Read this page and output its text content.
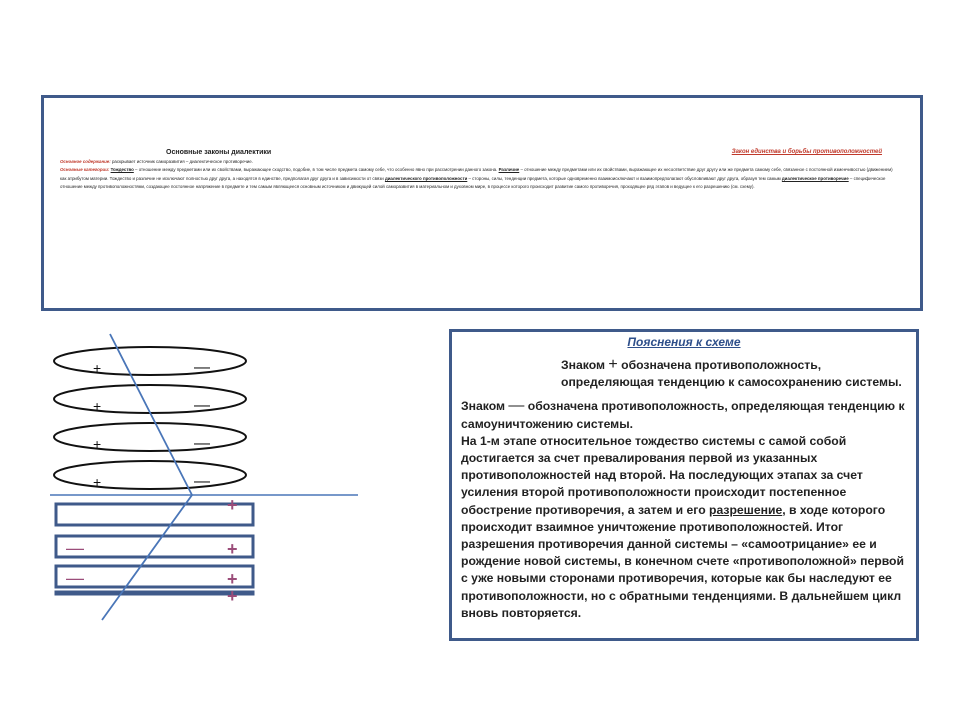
Основные законы диалектики	Закон единства и борьбы противоположностей
Основное содержание: раскрывает источник саморазвития – диалектическое противоречие.
Основные категории: Тождество – отношение между предметами или их свойствами, выражающее сходство, подобие, в том числе предмета самому себе, что особенно явно при рассмотрении данного закона. Различие – отношение между предметами или их свойствами, выражающее их несоответствие друг другу или же предмета самому себе, связанное с постоянной изменчивостью (движением) как атрибутом материи. Тождество и различие не исключают полностью друг друга, а находятся в единстве, предполагая друг друга и в зависимости от связи диалектического противоположности – стороны, силы, тенденции предмета, которые одновременно взаимоисключают и взаимопредполагают обусловливают друг друга, образуя тем самым диалектическое противоречие – специфическое отношение между противоположностями, создающее постоянное напряжение в предмете и тем самым являющееся основным источником и движущей силой саморазвития в материальном и духовном мире, в процессе которого происходит развитие самого противоречия, проходящее ряд этапов и ведущее к его разрешению (см. схему).
+
+
+
+
—
—
—
—
+
—	+
—	+
+
Пояснения к схеме

Знаком + обозначена противоположность, определяющая тенденцию к самосохранению системы.

Знаком — обозначена противоположность, определяющая тенденцию к самоуничтожению системы.

На 1-м этапе относительное тождество системы с самой собой достигается за счет превалирования первой из указанных противоположностей над второй. На последующих этапах за счет усиления второй противоположности происходит постепенное обострение противоречия, а затем и его разрешение, в ходе которого происходит взаимное уничтожение противоположностей. Итог разрешения противоречия данной системы – «самоотрицание» ее и рождение новой системы, в конечном счете «противоположной» первой с уже новыми сторонами противоречия, которые как бы наследуют ее противоположности, но с обратными тенденциями. В дальнейшем цикл вновь повторяется.
